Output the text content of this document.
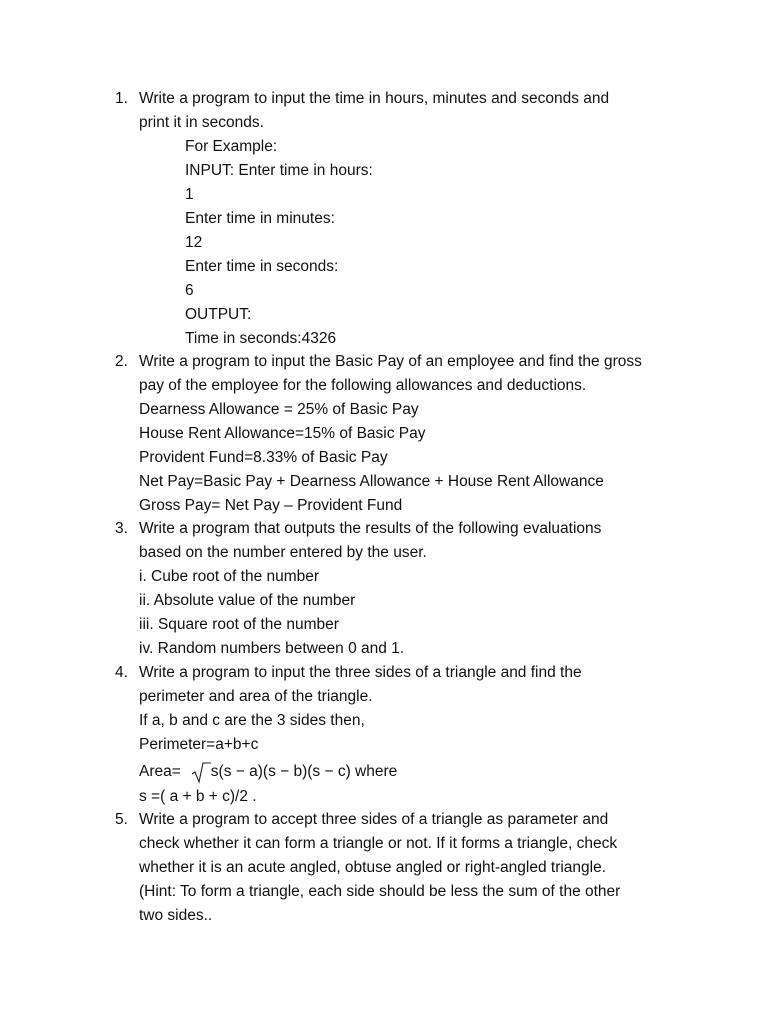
1. Write a program to input the time in hours, minutes and seconds and
print it in seconds.
For Example:
INPUT: Enter time in hours:
1
Enter time in minutes:
12
Enter time in seconds:
6
OUTPUT:
Time in seconds:4326
2. Write a program to input the Basic Pay of an employee and find the gross
pay of the employee for the following allowances and deductions.
Dearness Allowance = 25% of Basic Pay
House Rent Allowance=15% of Basic Pay
Provident Fund=8.33% of Basic Pay
Net Pay=Basic Pay + Dearness Allowance + House Rent Allowance
Gross Pay= Net Pay – Provident Fund
3. Write a program that outputs the results of the following evaluations
based on the number entered by the user.
i. Cube root of the number
ii. Absolute value of the number
iii. Square root of the number
iv. Random numbers between 0 and 1.
4. Write a program to input the three sides of a triangle and find the
perimeter and area of the triangle.
If a, b and c are the 3 sides then,
Perimeter=a+b+c
Area= s(s − a)(s − b)(s − c) where
s =( a + b + c)/2 .
5. Write a program to accept three sides of a triangle as parameter and
check whether it can form a triangle or not. If it forms a triangle, check
whether it is an acute angled, obtuse angled or right-angled triangle.
(Hint: To form a triangle, each side should be less the sum of the other
two sides..
